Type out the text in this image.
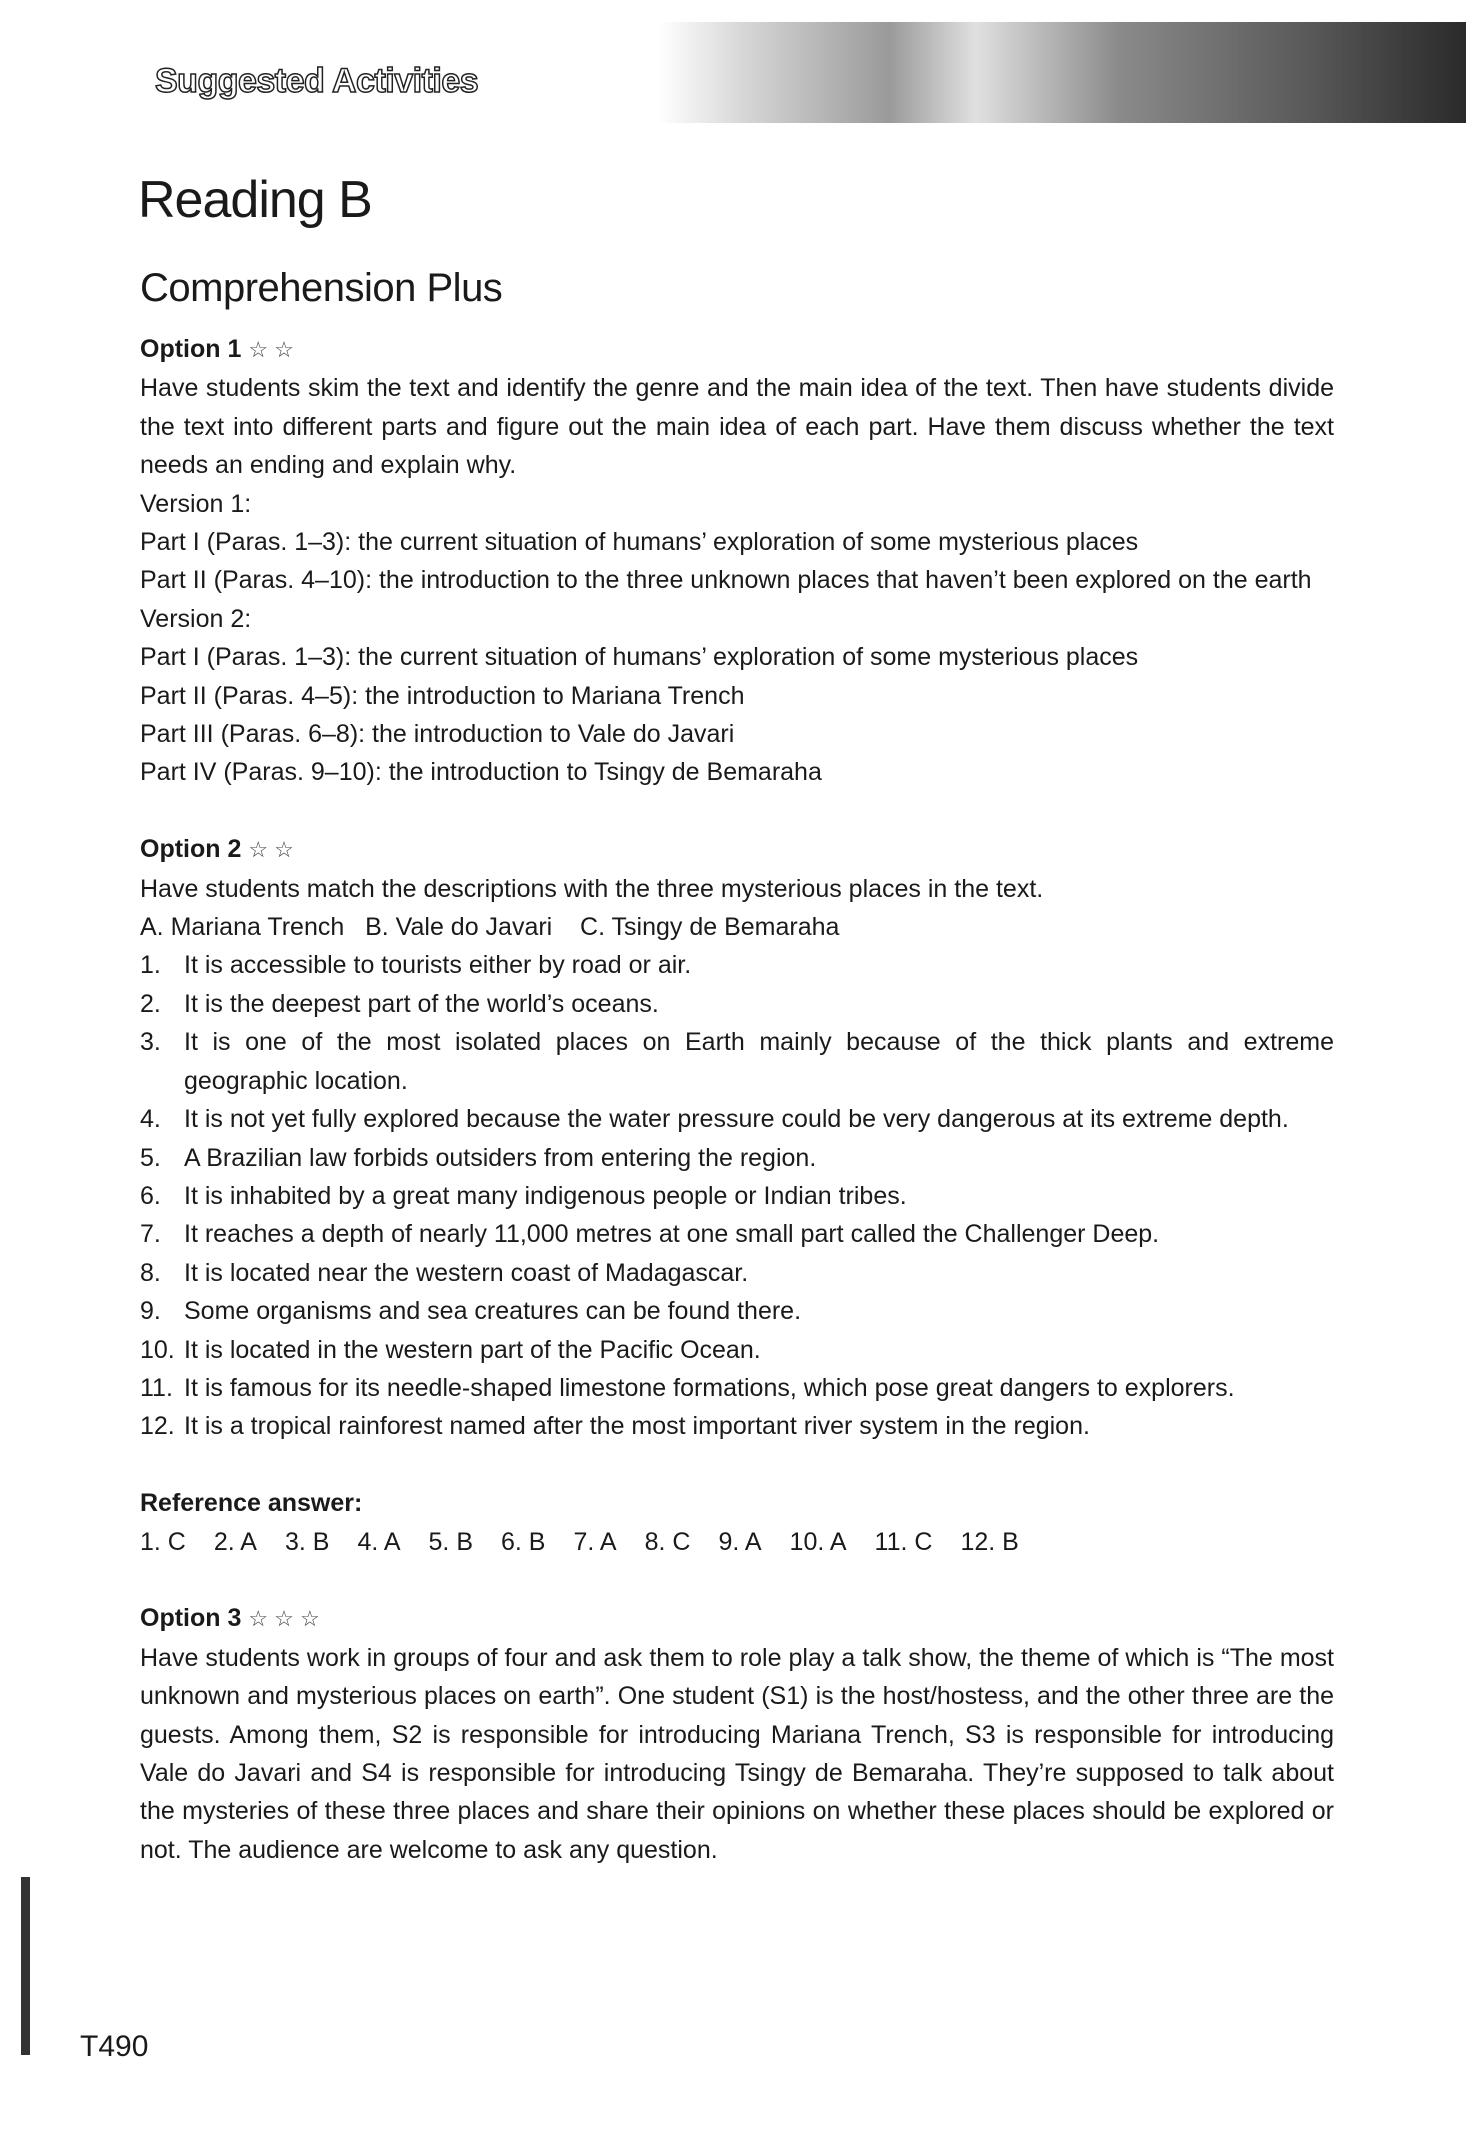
Suggested Activities
Reading B
Comprehension Plus

Option 1 ☆ ☆

Have students skim the text and identify the genre and the main idea of the text. Then have students divide the text into different parts and figure out the main idea of each part. Have them discuss whether the text needs an ending and explain why.

Version 1:

Part I (Paras. 1–3): the current situation of humans’ exploration of some mysterious places

Part II (Paras. 4–10): the introduction to the three unknown places that haven’t been explored on the earth

Version 2:

Part I (Paras. 1–3): the current situation of humans’ exploration of some mysterious places

Part II (Paras. 4–5): the introduction to Mariana Trench

Part III (Paras. 6–8): the introduction to Vale do Javari

Part IV (Paras. 9–10): the introduction to Tsingy de Bemaraha

Option 2 ☆ ☆

Have students match the descriptions with the three mysterious places in the text.

A. Mariana Trench   B. Vale do Javari    C. Tsingy de Bemaraha

1. It is accessible to tourists either by road or air.
2. It is the deepest part of the world’s oceans.
3. It is one of the most isolated places on Earth mainly because of the thick plants and extreme geographic location.
4. It is not yet fully explored because the water pressure could be very dangerous at its extreme depth.
5. A Brazilian law forbids outsiders from entering the region.
6. It is inhabited by a great many indigenous people or Indian tribes.
7. It reaches a depth of nearly 11,000 metres at one small part called the Challenger Deep.
8. It is located near the western coast of Madagascar.
9. Some organisms and sea creatures can be found there.
10. It is located in the western part of the Pacific Ocean.
11. It is famous for its needle-shaped limestone formations, which pose great dangers to explorers.
12. It is a tropical rainforest named after the most important river system in the region.

Reference answer:

1. C 2. A 3. B 4. A 5. B 6. B 7. A 8. C 9. A 10. A 11. C 12. B

Option 3 ☆ ☆ ☆

Have students work in groups of four and ask them to role play a talk show, the theme of which is “The most unknown and mysterious places on earth”. One student (S1) is the host/hostess, and the other three are the guests. Among them, S2 is responsible for introducing Mariana Trench, S3 is responsible for introducing Vale do Javari and S4 is responsible for introducing Tsingy de Bemaraha. They’re supposed to talk about the mysteries of these three places and share their opinions on whether these places should be explored or not. The audience are welcome to ask any question.

T490
